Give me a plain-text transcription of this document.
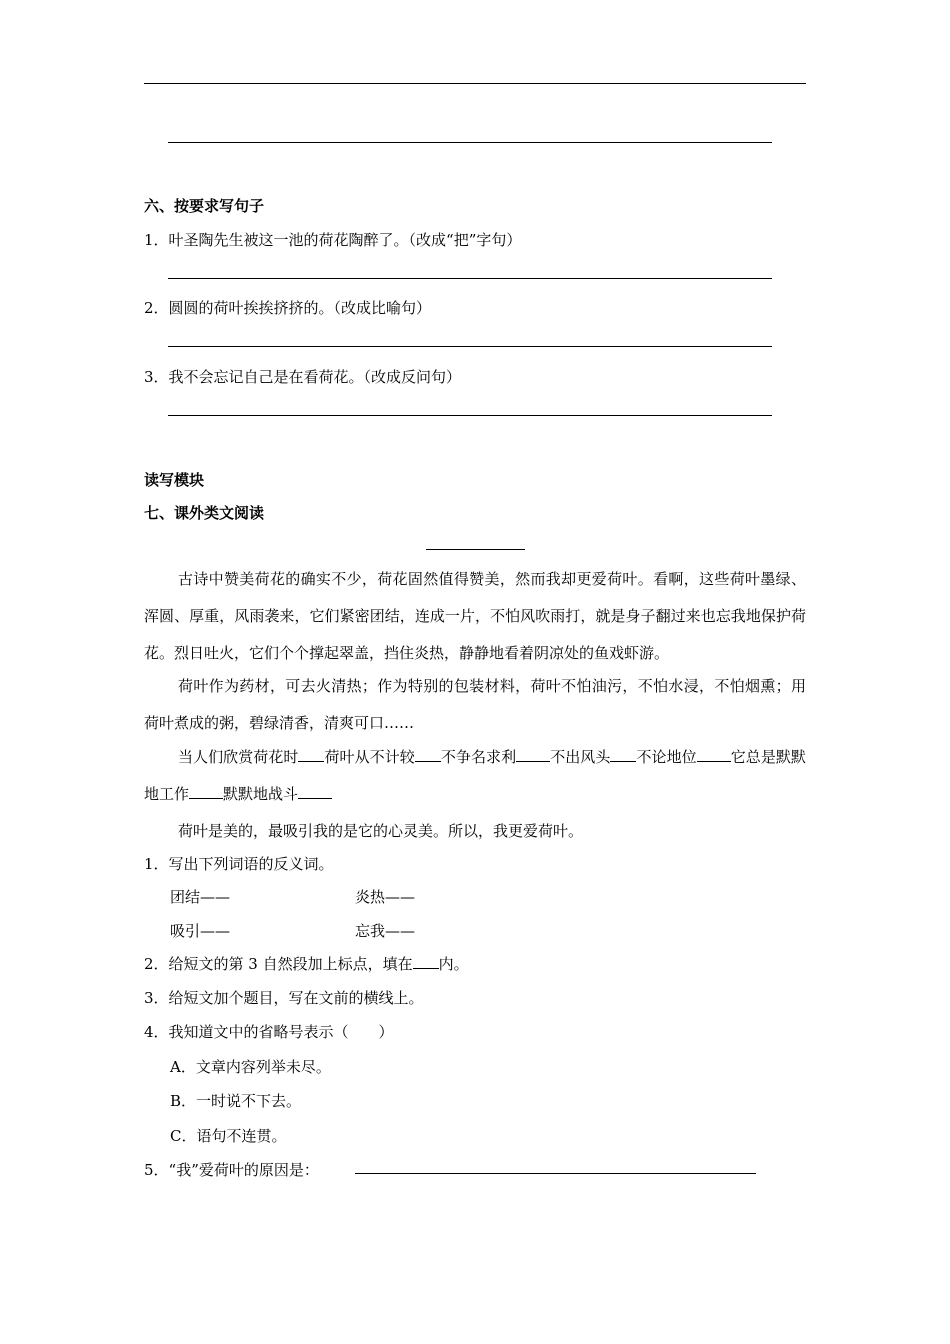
六、按要求写句子
1．叶圣陶先生被这一池的荷花陶醉了。（改成“把”字句）
2．圆圆的荷叶挨挨挤挤的。（改成比喻句）
3．我不会忘记自己是在看荷花。（改成反问句）
读写模块
七、课外类文阅读
古诗中赞美荷花的确实不少，荷花固然值得赞美，然而我却更爱荷叶。看啊，这些荷叶墨绿、浑圆、厚重，风雨袭来，它们紧密团结，连成一片，不怕风吹雨打，就是身子翻过来也忘我地保护荷花。烈日吐火，它们个个撑起翠盖，挡住炎热，静静地看着阴凉处的鱼戏虾游。
荷叶作为药材，可去火清热；作为特别的包装材料，荷叶不怕油污，不怕水浸，不怕烟熏；用荷叶煮成的粥，碧绿清香，清爽可口……
当人们欣赏荷花时 荷叶从不计较 不争名求利 不出风头 不论地位 它总是默默地工作 默默地战斗
荷叶是美的，最吸引我的是它的心灵美。所以，我更爱荷叶。
1．写出下列词语的反义词。
团结——	炎热——
吸引——	忘我——
2．给短文的第 3 自然段加上标点，填在 内。
3．给短文加个题目，写在文前的横线上。
4．我知道文中的省略号表示（　　）
A．文章内容列举未尽。
B．一时说不下去。
C．语句不连贯。
5．“我”爱荷叶的原因是：
